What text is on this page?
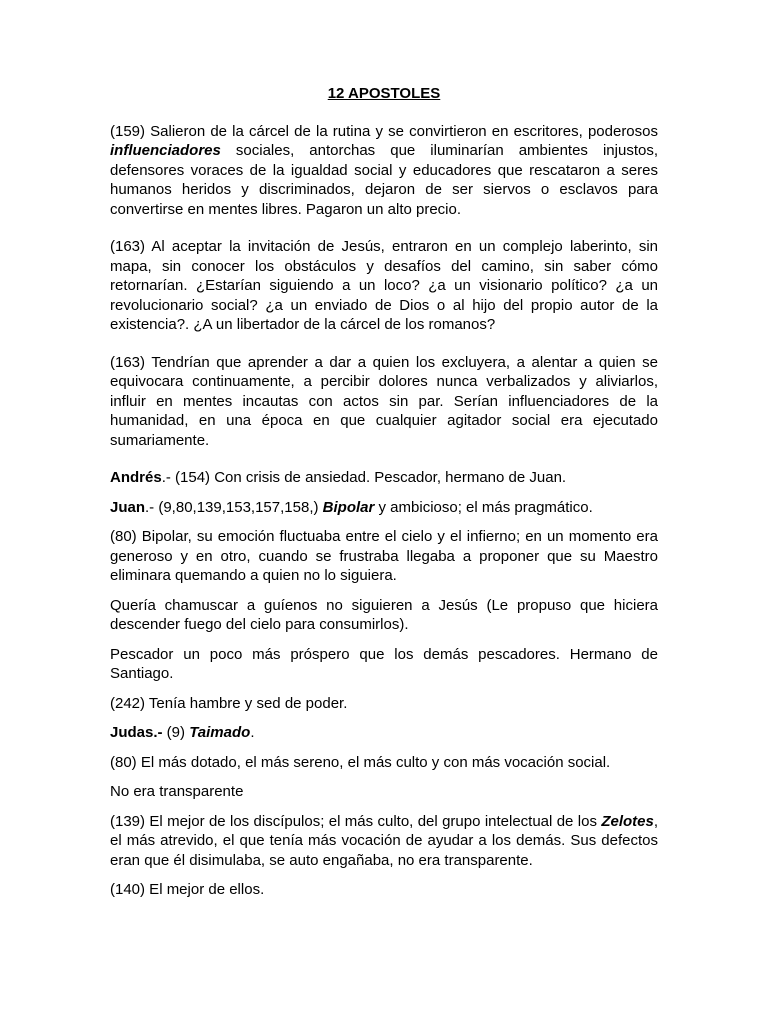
12 APOSTOLES
(159) Salieron de la cárcel de la rutina y se convirtieron en escritores, poderosos influenciadores sociales, antorchas que iluminarían ambientes injustos, defensores voraces de la igualdad social y educadores que rescataron a seres humanos heridos y discriminados, dejaron de ser siervos o esclavos para convertirse en mentes libres. Pagaron un alto precio.
(163) Al aceptar la invitación de Jesús, entraron en un complejo laberinto, sin mapa, sin conocer los obstáculos y desafíos del camino, sin saber cómo retornarían. ¿Estarían siguiendo a un loco? ¿a un visionario político? ¿a un revolucionario social? ¿a un enviado de Dios o al hijo del propio autor de la existencia?. ¿A un libertador de la cárcel de los romanos?
(163) Tendrían que aprender a dar a quien los excluyera, a alentar a quien se equivocara continuamente, a percibir dolores nunca verbalizados y aliviarlos, influir en mentes incautas con actos sin par. Serían influenciadores de la humanidad, en una época en que cualquier agitador social era ejecutado sumariamente.
Andrés.- (154) Con crisis de ansiedad. Pescador, hermano de Juan.
Juan.- (9,80,139,153,157,158,) Bipolar y ambicioso; el más pragmático.
(80) Bipolar, su emoción fluctuaba entre el cielo y el infierno; en un momento era generoso y en otro, cuando se frustraba llegaba a proponer que su Maestro eliminara quemando a quien no lo siguiera.
Quería chamuscar a guíenos no siguieren a Jesús (Le propuso que hiciera descender fuego del cielo para consumirlos).
Pescador un poco más próspero que los demás pescadores. Hermano de Santiago.
(242) Tenía hambre y sed de poder.
Judas.- (9) Taimado.
(80) El más dotado, el más sereno, el más culto y con más vocación social.
No era transparente
(139) El mejor de los discípulos; el más culto, del grupo intelectual de los Zelotes, el más atrevido, el que tenía más vocación de ayudar a los demás. Sus defectos eran que él disimulaba, se auto engañaba, no era transparente.
(140) El mejor de ellos.
